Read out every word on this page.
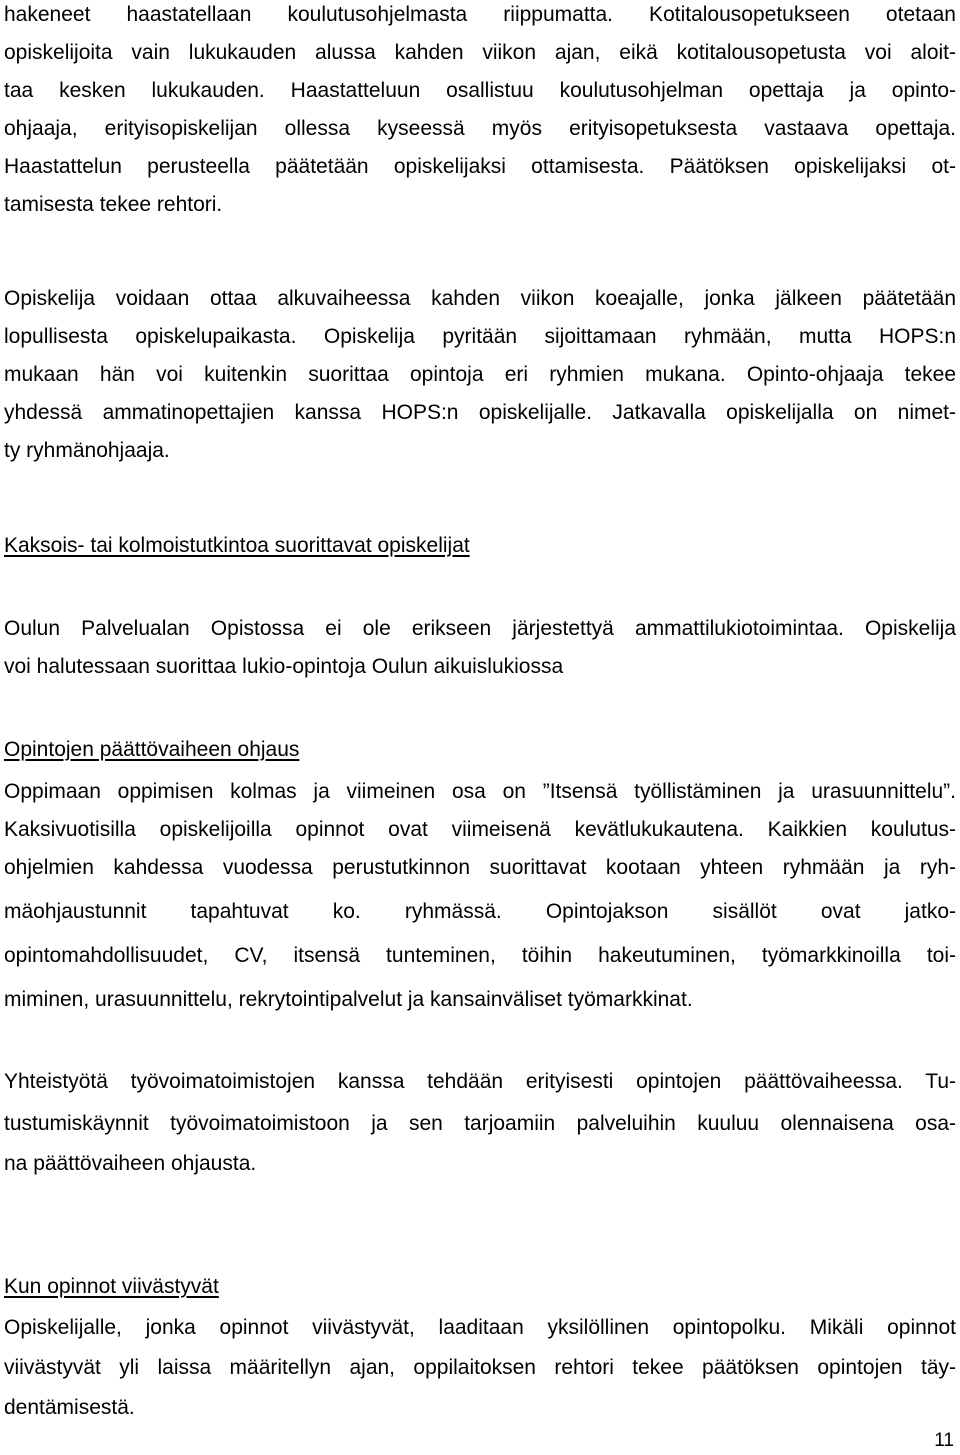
hakeneet haastatellaan koulutusohjelmasta riippumatta. Kotitalousopetukseen otetaan
opiskelijoita vain lukukauden alussa kahden viikon ajan, eikä kotitalousopetusta voi aloit-
taa kesken lukukauden. Haastatteluun osallistuu koulutusohjelman opettaja ja opinto-
ohjaaja, erityisopiskelijan ollessa kyseessä myös erityisopetuksesta vastaava opettaja.
Haastattelun perusteella päätetään opiskelijaksi ottamisesta. Päätöksen opiskelijaksi ot-
tamisesta tekee rehtori.
Opiskelija voidaan ottaa alkuvaiheessa kahden viikon koeajalle, jonka jälkeen päätetään
lopullisesta opiskelupaikasta. Opiskelija pyritään sijoittamaan ryhmään, mutta HOPS:n
mukaan hän voi kuitenkin suorittaa opintoja eri ryhmien mukana. Opinto-ohjaaja tekee
yhdessä ammatinopettajien kanssa HOPS:n opiskelijalle. Jatkavalla opiskelijalla on nimet-
ty ryhmänohjaaja.
Kaksois- tai kolmoistutkintoa suorittavat opiskelijat
Oulun Palvelualan Opistossa ei ole erikseen järjestettyä ammattilukiotoimintaa. Opiskelija
voi halutessaan suorittaa lukio-opintoja Oulun aikuislukiossa
Opintojen päättövaiheen ohjaus
Oppimaan oppimisen kolmas ja viimeinen osa on ”Itsensä työllistäminen ja urasuunnittelu”.
Kaksivuotisilla opiskelijoilla opinnot ovat viimeisenä kevätlukukautena. Kaikkien koulutus-
ohjelmien kahdessa vuodessa perustutkinnon suorittavat kootaan yhteen ryhmään ja ryh-
mäohjaustunnit tapahtuvat ko. ryhmässä. Opintojakson sisällöt ovat jatko-
opintomahdollisuudet, CV, itsensä tunteminen, töihin hakeutuminen, työmarkkinoilla toi-
miminen, urasuunnittelu, rekrytointipalvelut ja kansainväliset työmarkkinat.
Yhteistyötä työvoimatoimistojen kanssa tehdään erityisesti opintojen päättövaiheessa. Tu-
tustumiskäynnit työvoimatoimistoon ja sen tarjoamiin palveluihin kuuluu olennaisena osa-
na päättövaiheen ohjausta.
Kun opinnot viivästyvät
Opiskelijalle, jonka opinnot viivästyvät, laaditaan yksilöllinen opintopolku. Mikäli opinnot
viivästyvät yli laissa määritellyn ajan, oppilaitoksen rehtori tekee päätöksen opintojen täy-
dentämisestä.
11
